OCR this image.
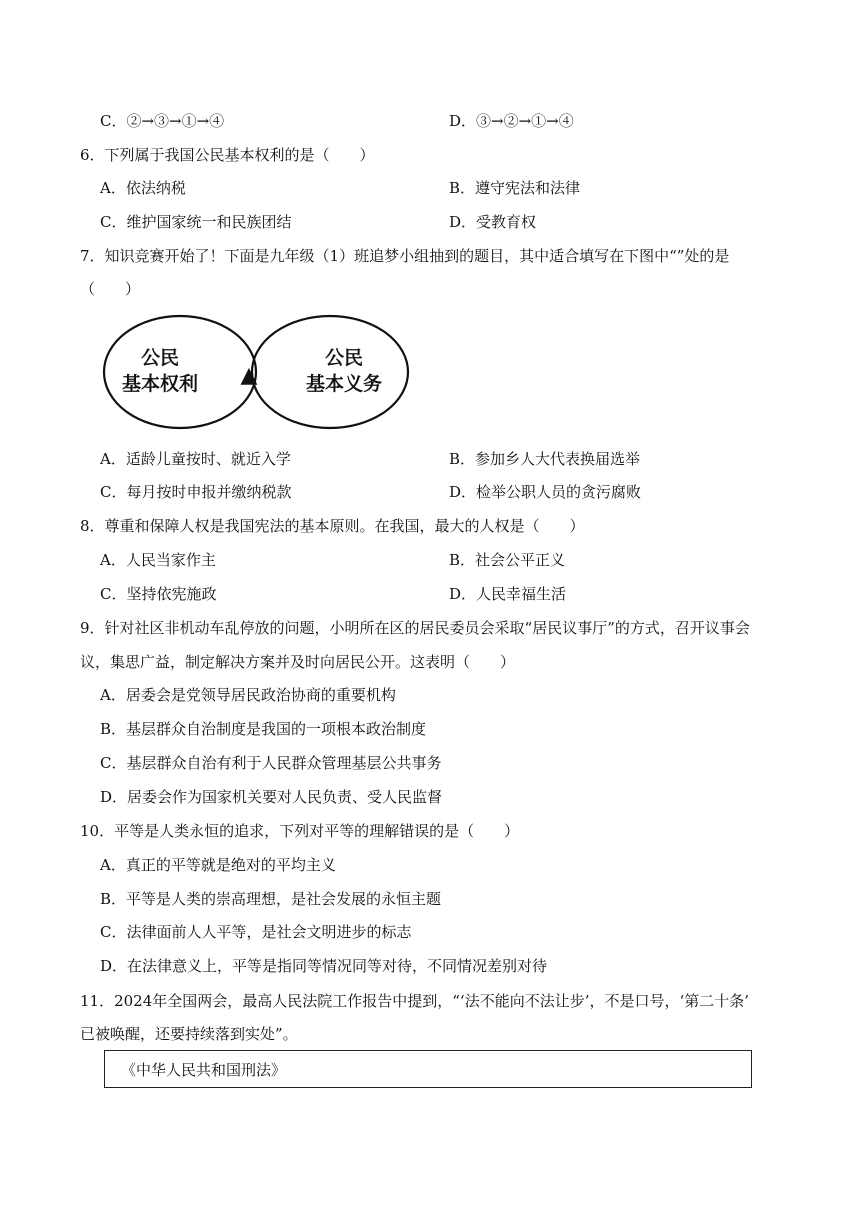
C．②→③→①→④	D．③→②→①→④
6．下列属于我国公民基本权利的是（　　）
A．依法纳税	B．遵守宪法和法律
C．维护国家统一和民族团结	D．受教育权
7．知识竞赛开始了！下面是九年级（1）班追梦小组抽到的题目，其中适合填写在下图中“”处的是
（　　）
公民
基本权利 ▲
公民
基本义务
A．适龄儿童按时、就近入学	B．参加乡人大代表换届选举
C．每月按时申报并缴纳税款	D．检举公职人员的贪污腐败
8．尊重和保障人权是我国宪法的基本原则。在我国，最大的人权是（　　）
A．人民当家作主	B．社会公平正义
C．坚持依宪施政	D．人民幸福生活
9．针对社区非机动车乱停放的问题，小明所在区的居民委员会采取“居民议事厅”的方式，召开议事会
议，集思广益，制定解决方案并及时向居民公开。这表明（　　）
A．居委会是党领导居民政治协商的重要机构
B．基层群众自治制度是我国的一项根本政治制度
C．基层群众自治有利于人民群众管理基层公共事务
D．居委会作为国家机关要对人民负责、受人民监督
10．平等是人类永恒的追求，下列对平等的理解错误的是（　　）
A．真正的平等就是绝对的平均主义
B．平等是人类的崇高理想，是社会发展的永恒主题
C．法律面前人人平等，是社会文明进步的标志
D．在法律意义上，平等是指同等情况同等对待，不同情况差别对待
11．2024年全国两会，最高人民法院工作报告中提到，“‘法不能向不法让步’，不是口号，‘第二十条’
已被唤醒，还要持续落到实处”。
《中华人民共和国刑法》
